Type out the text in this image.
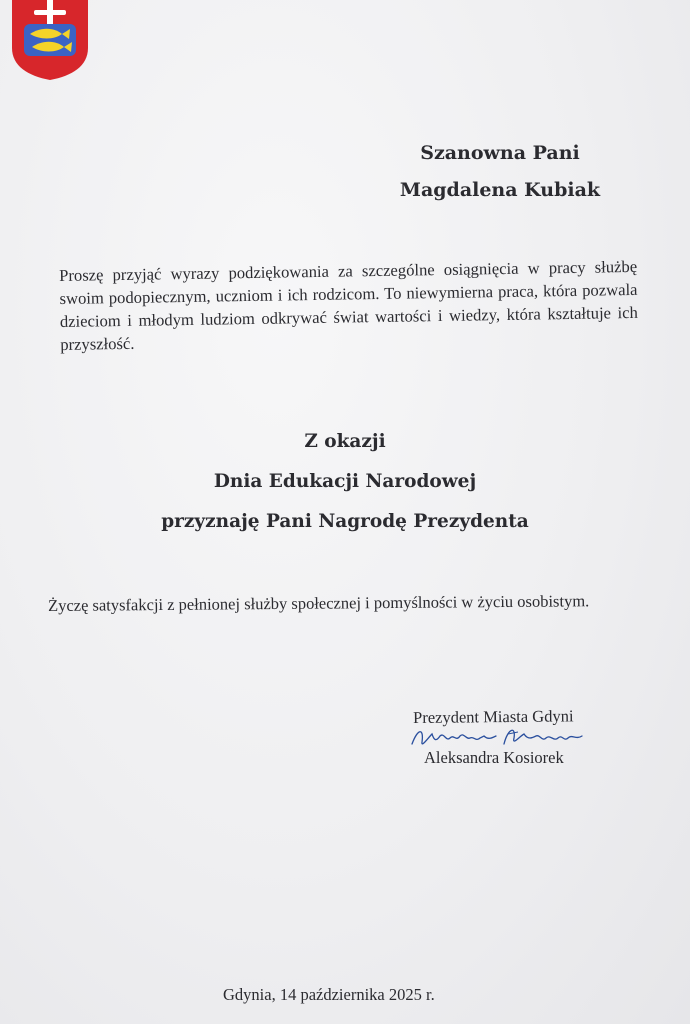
Szanowna Pani
Magdalena Kubiak
Proszę przyjąć wyrazy podziękowania za szczególne osiągnięcia w pracy służbę swoim podopiecznym, uczniom i ich rodzicom. To niewymierna praca, która pozwala dzieciom i młodym ludziom odkrywać świat wartości i wiedzy, która kształtuje ich przyszłość.
Z okazji
Dnia Edukacji Narodowej
przyznaję Pani Nagrodę Prezydenta
Życzę satysfakcji z pełnionej służby społecznej i pomyślności w życiu osobistym.
Prezydent Miasta Gdyni
Aleksandra Kosiorek
Gdynia, 14 października 2025 r.
